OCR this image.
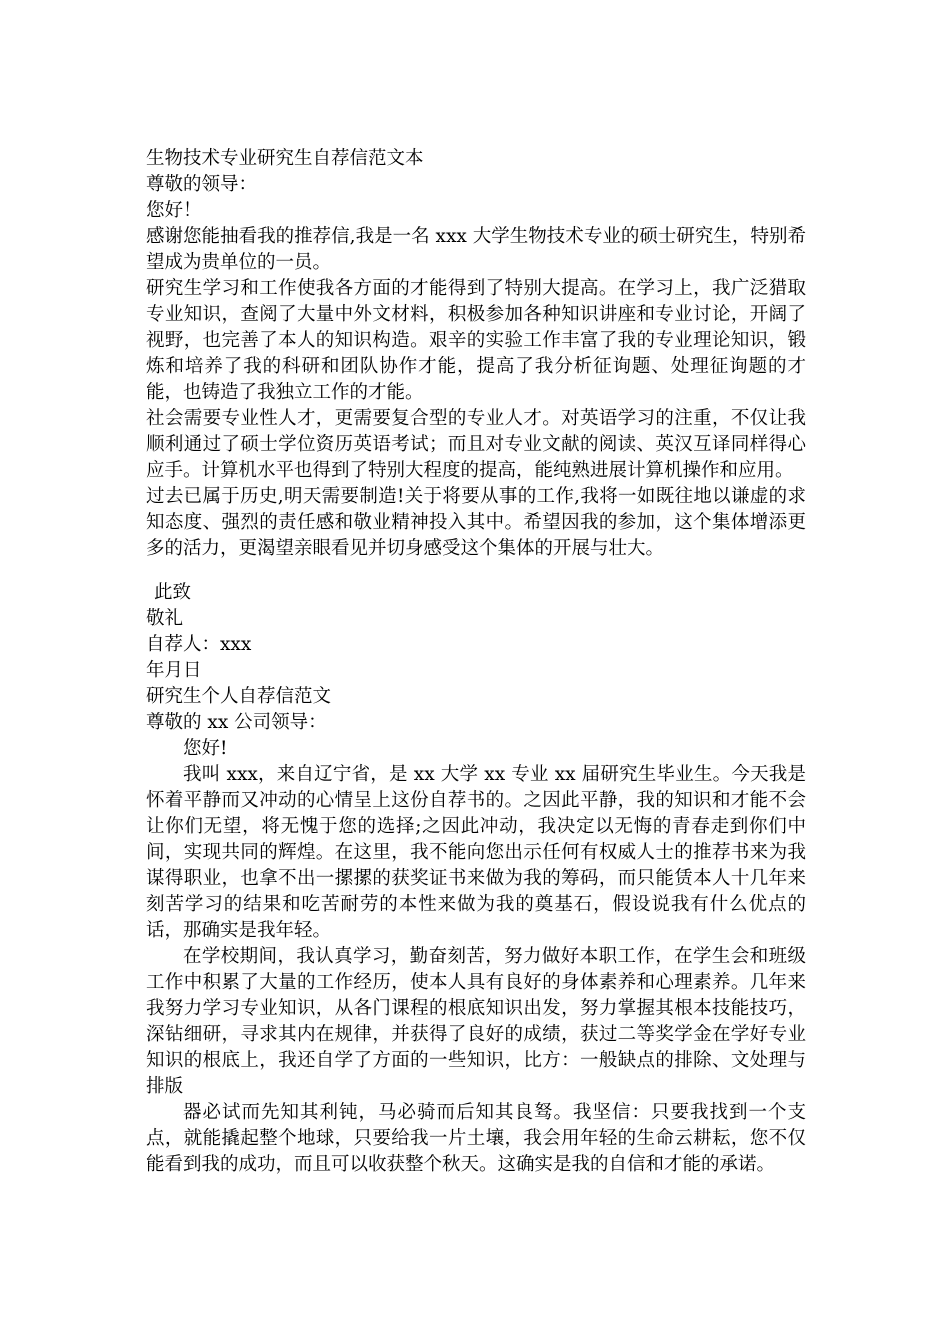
生物技术专业研究生自荐信范文本

尊敬的领导：

您好！

感谢您能抽看我的推荐信,我是一名 xxx 大学生物技术专业的硕士研究生，特别希望成为贵单位的一员。

研究生学习和工作使我各方面的才能得到了特别大提高。在学习上，我广泛猎取专业知识，查阅了大量中外文材料，积极参加各种知识讲座和专业讨论，开阔了视野，也完善了本人的知识构造。艰辛的实验工作丰富了我的专业理论知识，锻炼和培养了我的科研和团队协作才能，提高了我分析征询题、处理征询题的才能，也铸造了我独立工作的才能。

社会需要专业性人才，更需要复合型的专业人才。对英语学习的注重，不仅让我顺利通过了硕士学位资历英语考试；而且对专业文献的阅读、英汉互译同样得心应手。计算机水平也得到了特别大程度的提高，能纯熟进展计算机操作和应用。

过去已属于历史,明天需要制造!关于将要从事的工作,我将一如既往地以谦虚的求知态度、强烈的责任感和敬业精神投入其中。希望因我的参加，这个集体增添更多的活力，更渴望亲眼看见并切身感受这个集体的开展与壮大。

此致

敬礼

自荐人：xxx

年月日

研究生个人自荐信范文

尊敬的 xx 公司领导：

您好!

我叫 xxx，来自辽宁省，是 xx 大学 xx 专业 xx 届研究生毕业生。今天我是怀着平静而又冲动的心情呈上这份自荐书的。之因此平静，我的知识和才能不会让你们无望，将无愧于您的选择;之因此冲动，我决定以无悔的青春走到你们中间，实现共同的辉煌。在这里，我不能向您出示任何有权威人士的推荐书来为我谋得职业，也拿不出一摞摞的获奖证书来做为我的筹码，而只能赁本人十几年来刻苦学习的结果和吃苦耐劳的本性来做为我的奠基石，假设说我有什么优点的话，那确实是我年轻。

在学校期间，我认真学习，勤奋刻苦，努力做好本职工作，在学生会和班级工作中积累了大量的工作经历，使本人具有良好的身体素养和心理素养。几年来我努力学习专业知识，从各门课程的根底知识出发，努力掌握其根本技能技巧，深钻细研，寻求其内在规律，并获得了良好的成绩，获过二等奖学金在学好专业知识的根底上，我还自学了方面的一些知识，比方：一般缺点的排除、文处理与排版

器必试而先知其利钝，马必骑而后知其良驽。我坚信：只要我找到一个支点，就能撬起整个地球，只要给我一片土壤，我会用年轻的生命云耕耘，您不仅能看到我的成功，而且可以收获整个秋天。这确实是我的自信和才能的承诺。
